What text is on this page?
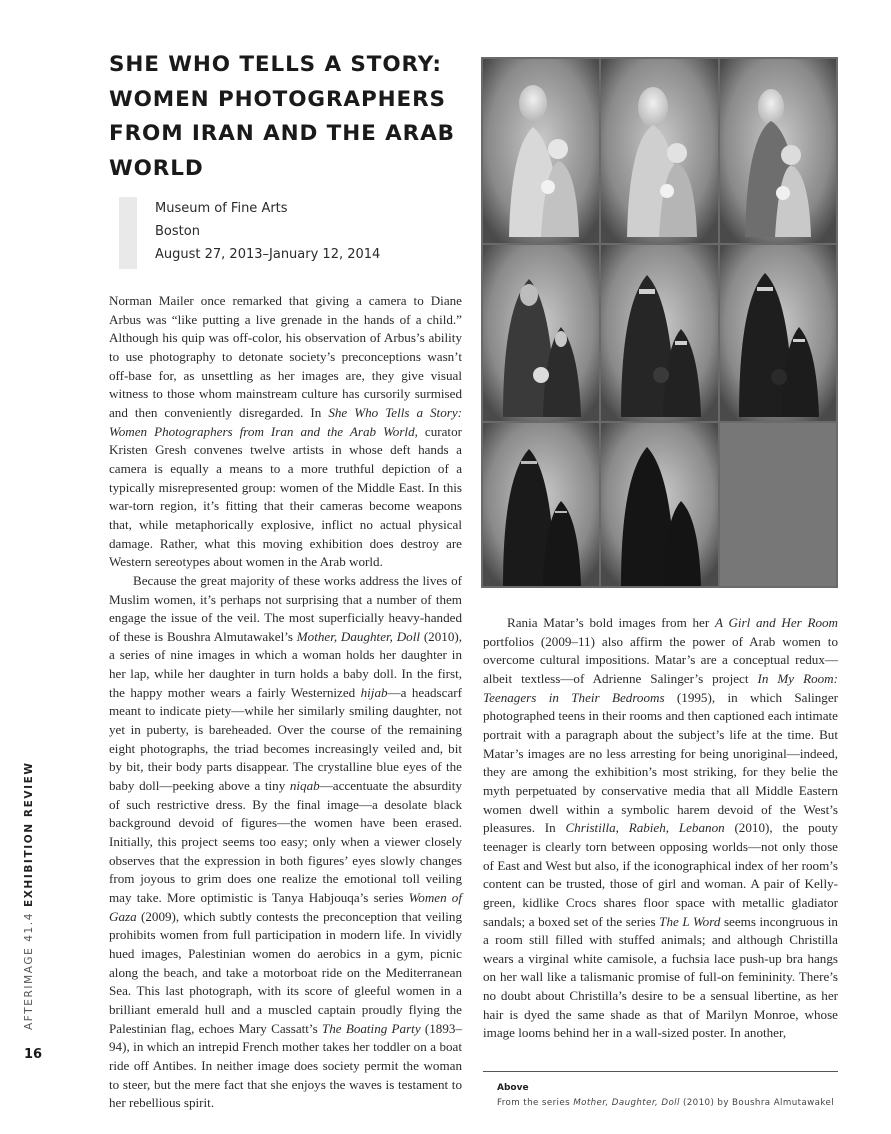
SHE WHO TELLS A STORY: WOMEN PHOTOGRAPHERS FROM IRAN AND THE ARAB WORLD
Museum of Fine Arts
Boston
August 27, 2013–January 12, 2014

Norman Mailer once remarked that giving a camera to Diane Arbus was “like putting a live grenade in the hands of a child.” Although his quip was off-color, his observation of Arbus’s ability to use photography to detonate society’s preconceptions wasn’t off-base for, as unsettling as her images are, they give visual witness to those whom mainstream culture has cursorily surmised and then conveniently disregarded. In She Who Tells a Story: Women Photographers from Iran and the Arab World, curator Kristen Gresh convenes twelve artists in whose deft hands a camera is equally a means to a more truthful depiction of a typically misrepresented group: women of the Middle East. In this war-torn region, it’s fitting that their cameras become weapons that, while metaphorically explosive, inflict no actual physical damage. Rather, what this moving exhibition does destroy are Western sereotypes about women in the Arab world.

Because the great majority of these works address the lives of Muslim women, it’s perhaps not surprising that a number of them engage the issue of the veil. The most superficially heavy-handed of these is Boushra Almutawakel’s Mother, Daughter, Doll (2010), a series of nine images in which a woman holds her daughter in her lap, while her daughter in turn holds a baby doll. In the first, the happy mother wears a fairly Westernized hijab—a headscarf meant to indicate piety—while her similarly smiling daughter, not yet in puberty, is bareheaded. Over the course of the remaining eight photographs, the triad becomes increasingly veiled and, bit by bit, their body parts disappear. The crystalline blue eyes of the baby doll—peeking above a tiny niqab—accentuate the absurdity of such restrictive dress. By the final image—a desolate black background devoid of figures—the women have been erased. Initially, this project seems too easy; only when a viewer closely observes that the expression in both figures’ eyes slowly changes from joyous to grim does one realize the emotional toll veiling may take. More optimistic is Tanya Habjouqa’s series Women of Gaza (2009), which subtly contests the preconception that veiling prohibits women from full participation in modern life. In vividly hued images, Palestinian women do aerobics in a gym, picnic along the beach, and take a motorboat ride on the Mediterranean Sea. This last photograph, with its score of gleeful women in a brilliant emerald hull and a muscled captain proudly flying the Palestinian flag, echoes Mary Cassatt’s The Boating Party (1893–94), in which an intrepid French mother takes her toddler on a boat ride off Antibes. In neither image does society permit the woman to steer, but the mere fact that she enjoys the waves is testament to her rebellious spirit.

Rania Matar’s bold images from her A Girl and Her Room portfolios (2009–11) also affirm the power of Arab women to overcome cultural impositions. Matar’s are a conceptual redux—albeit textless—of Adrienne Salinger’s project In My Room: Teenagers in Their Bedrooms (1995), in which Salinger photographed teens in their rooms and then captioned each intimate portrait with a paragraph about the subject’s life at the time. But Matar’s images are no less arresting for being unoriginal—indeed, they are among the exhibition’s most striking, for they belie the myth perpetuated by conservative media that all Middle Eastern women dwell within a symbolic harem devoid of the West’s pleasures. In Christilla, Rabieh, Lebanon (2010), the pouty teenager is clearly torn between opposing worlds—not only those of East and West but also, if the iconographical index of her room’s content can be trusted, those of girl and woman. A pair of Kelly-green, kidlike Crocs shares floor space with metallic gladiator sandals; a boxed set of the series The L Word seems incongruous in a room still filled with stuffed animals; and although Christilla wears a virginal white camisole, a fuchsia lace push-up bra hangs on her wall like a talismanic promise of full-on femininity. There’s no doubt about Christilla’s desire to be a sensual libertine, as her hair is dyed the same shade as that of Marilyn Monroe, whose image looms behind her in a wall-sized poster. In another,

AFTERIMAGE 41.4 EXHIBITION REVIEW
16
Above
From the series Mother, Daughter, Doll (2010) by Boushra Almutawakel
